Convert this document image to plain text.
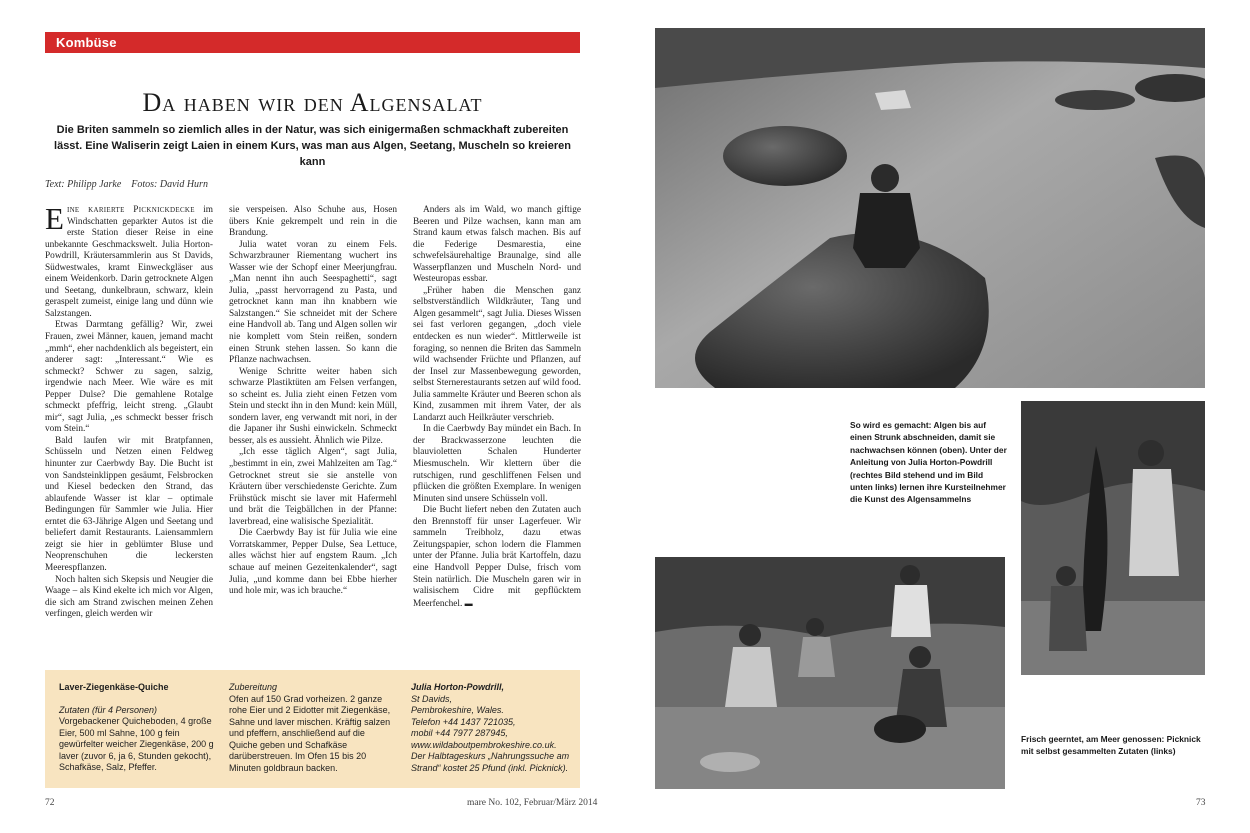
Kombüse
Da haben wir den Algensalat

Die Briten sammeln so ziemlich alles in der Natur, was sich einigermaßen schmackhaft zubereiten lässt. Eine Waliserin zeigt Laien in einem Kurs, was man aus Algen, Seetang, Muscheln so kreieren kann

Text: Philipp Jarke    Fotos: David Hurn

Eine karierte Picknickdecke im Windschatten geparkter Autos ist die erste Station dieser Reise in eine unbekannte Geschmackswelt. Julia Horton-Powdrill, Kräutersammlerin aus St Davids, Südwestwales, kramt Einweckgläser aus einem Weidenkorb. Darin getrocknete Algen und Seetang, dunkelbraun, schwarz, klein geraspelt zumeist, einige lang und dünn wie Salzstangen.

Etwas Darmtang gefällig? Wir, zwei Frauen, zwei Männer, kauen, jemand macht „mmh“, eher nachdenklich als begeistert, ein anderer sagt: „Interessant.“ Wie es schmeckt? Schwer zu sagen, salzig, irgendwie nach Meer. Wie wäre es mit Pepper Dulse? Die gemahlene Rotalge schmeckt pfeffrig, leicht streng. „Glaubt mir“, sagt Julia, „es schmeckt besser frisch vom Stein.“

Bald laufen wir mit Bratpfannen, Schüsseln und Netzen einen Feldweg hinunter zur Caerbwdy Bay. Die Bucht ist von Sandsteinklippen gesäumt, Felsbrocken und Kiesel bedecken den Strand, das ablaufende Wasser ist klar – optimale Bedingungen für Sammler wie Julia. Hier erntet die 63-Jährige Algen und Seetang und beliefert damit Restaurants. Laiensammlern zeigt sie hier in geblümter Bluse und Neoprenschuhen die leckersten Meerespflanzen.

Noch halten sich Skepsis und Neugier die Waage – als Kind ekelte ich mich vor Algen, die sich am Strand zwischen meinen Zehen verfingen, gleich werden wir

sie verspeisen. Also Schuhe aus, Hosen übers Knie gekrempelt und rein in die Brandung.

Julia watet voran zu einem Fels. Schwarzbrauner Riementang wuchert ins Wasser wie der Schopf einer Meerjungfrau. „Man nennt ihn auch Seespaghetti“, sagt Julia, „passt hervorragend zu Pasta, und getrocknet kann man ihn knabbern wie Salzstangen.“ Sie schneidet mit der Schere eine Handvoll ab. Tang und Algen sollen wir nie komplett vom Stein reißen, sondern einen Strunk stehen lassen. So kann die Pflanze nachwachsen.

Wenige Schritte weiter haben sich schwarze Plastiktüten am Felsen verfangen, so scheint es. Julia zieht einen Fetzen vom Stein und steckt ihn in den Mund: kein Müll, sondern laver, eng verwandt mit nori, in der die Japaner ihr Sushi einwickeln. Schmeckt besser, als es aussieht. Ähnlich wie Pilze.

„Ich esse täglich Algen“, sagt Julia, „bestimmt in ein, zwei Mahlzeiten am Tag.“ Getrocknet streut sie sie anstelle von Kräutern über verschiedenste Gerichte. Zum Frühstück mischt sie laver mit Hafermehl und brät die Teigbällchen in der Pfanne: laverbread, eine walisische Spezialität.

Die Caerbwdy Bay ist für Julia wie eine Vorratskammer, Pepper Dulse, Sea Lettuce, alles wächst hier auf engstem Raum. „Ich schaue auf meinen Gezeitenkalender“, sagt Julia, „und komme dann bei Ebbe hierher und hole mir, was ich brauche.“

Anders als im Wald, wo manch giftige Beeren und Pilze wachsen, kann man am Strand kaum etwas falsch machen. Bis auf die Federige Desmarestia, eine schwefelsäurehaltige Braunalge, sind alle Wasserpflanzen und Muscheln Nord- und Westeuropas essbar.

„Früher haben die Menschen ganz selbstverständlich Wildkräuter, Tang und Algen gesammelt“, sagt Julia. Dieses Wissen sei fast verloren gegangen, „doch viele entdecken es nun wieder“. Mittlerweile ist foraging, so nennen die Briten das Sammeln wild wachsender Früchte und Pflanzen, auf der Insel zur Massenbewegung geworden, selbst Sternerestaurants setzen auf wild food. Julia sammelte Kräuter und Beeren schon als Kind, zusammen mit ihrem Vater, der als Landarzt auch Heilkräuter verschrieb.

In die Caerbwdy Bay mündet ein Bach. In der Brackwasserzone leuchten die blauvioletten Schalen Hunderter Miesmuscheln. Wir klettern über die rutschigen, rund geschliffenen Felsen und pflücken die größten Exemplare. In wenigen Minuten sind unsere Schüsseln voll.

Die Bucht liefert neben den Zutaten auch den Brennstoff für unser Lagerfeuer. Wir sammeln Treibholz, dazu etwas Zeitungspapier, schon lodern die Flammen unter der Pfanne. Julia brät Kartoffeln, dazu eine Handvoll Pepper Dulse, frisch vom Stein natürlich. Die Muscheln garen wir in walisischem Cidre mit gepflücktem Meerfenchel. ▬

Laver-Ziegenkäse-Quiche

Zutaten (für 4 Personen)

Vorgebackener Quicheboden, 4 große Eier, 500 ml Sahne, 100 g fein gewürfelter weicher Ziegenkäse, 200 g laver (zuvor 6, ja 6, Stunden gekocht), Schafkäse, Salz, Pfeffer.

Zubereitung

Ofen auf 150 Grad vorheizen. 2 ganze rohe Eier und 2 Eidotter mit Ziegenkäse, Sahne und laver mischen. Kräftig salzen und pfeffern, anschließend auf die Quiche geben und Schafkäse darüberstreuen. Im Ofen 15 bis 20 Minuten goldbraun backen.

Julia Horton-Powdrill,

St Davids,

Pembrokeshire, Wales.

Telefon +44 1437 721035,

mobil +44 7977 287945,

www.wildaboutpembrokeshire.co.uk.

Der Halbtageskurs „Nahrungssuche am Strand“ kostet 25 Pfund (inkl. Picknick).

72	mare No. 102, Februar/März 2014
So wird es gemacht: Algen bis auf einen Strunk abschneiden, damit sie nachwachsen können (oben). Unter der Anleitung von Julia Horton-Powdrill (rechtes Bild stehend und im Bild unten links) lernen ihre Kursteilnehmer die Kunst des Algensammelns
Frisch geerntet, am Meer genossen: Picknick mit selbst gesammelten Zutaten (links)
73
